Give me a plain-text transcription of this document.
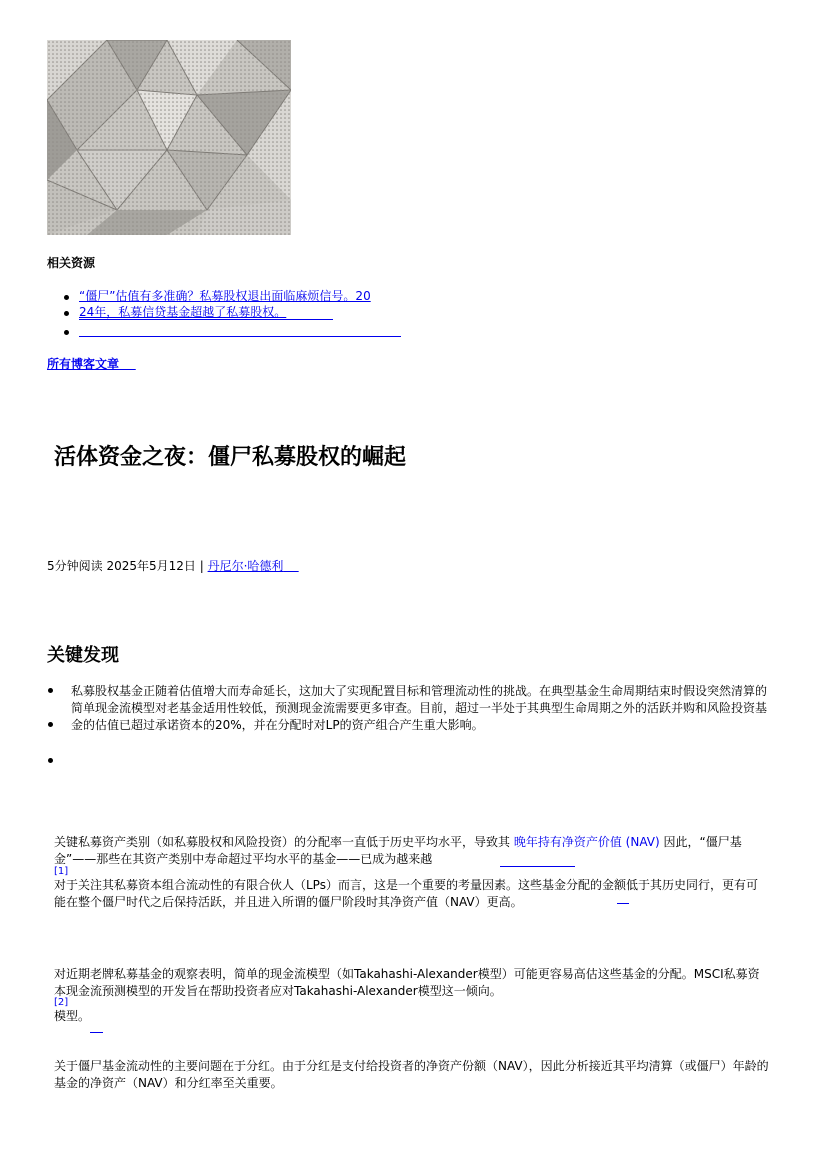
相关资源
“僵尸”估值有多准确？私募股权退出面临麻烦信号。20
24年，私募信贷基金超越了私募股权。
所有博客文章
活体资金之夜：僵尸私募股权的崛起
5分钟阅读 2025年5月12日 | 丹尼尔·哈德利
关键发现
私募股权基金正随着估值增大而寿命延长，这加大了实现配置目标和管理流动性的挑战。在典型基金生命周期结束时假设突然清算的简单现金流模型对老基金适用性较低，预测现金流需要更多审查。目前，超过一半处于其典型生命周期之外的活跃并购和风险投资基金的估值已超过承诺资本的20%，并在分配时对LP的资产组合产生重大影响。
关键私募资产类别（如私募股权和风险投资）的分配率一直低于历史平均水平，导致其 晚年持有净资产价值 (NAV) 因此，“僵尸基金”——那些在其资产类别中寿命超过平均水平的基金——已成为越来越
[1]
对于关注其私募资本组合流动性的有限合伙人（LPs）而言，这是一个重要的考量因素。这些基金分配的金额低于其历史同行，更有可能在整个僵尸时代之后保持活跃，并且进入所谓的僵尸阶段时其净资产值（NAV）更高。
对近期老牌私募基金的观察表明，简单的现金流模型（如Takahashi-Alexander模型）可能更容易高估这些基金的分配。MSCI私募资本现金流预测模型的开发旨在帮助投资者应对Takahashi-Alexander模型这一倾向。
[2]
模型。
关于僵尸基金流动性的主要问题在于分红。由于分红是支付给投资者的净资产份额（NAV），因此分析接近其平均清算（或僵尸）年龄的基金的净资产（NAV）和分红率至关重要。
